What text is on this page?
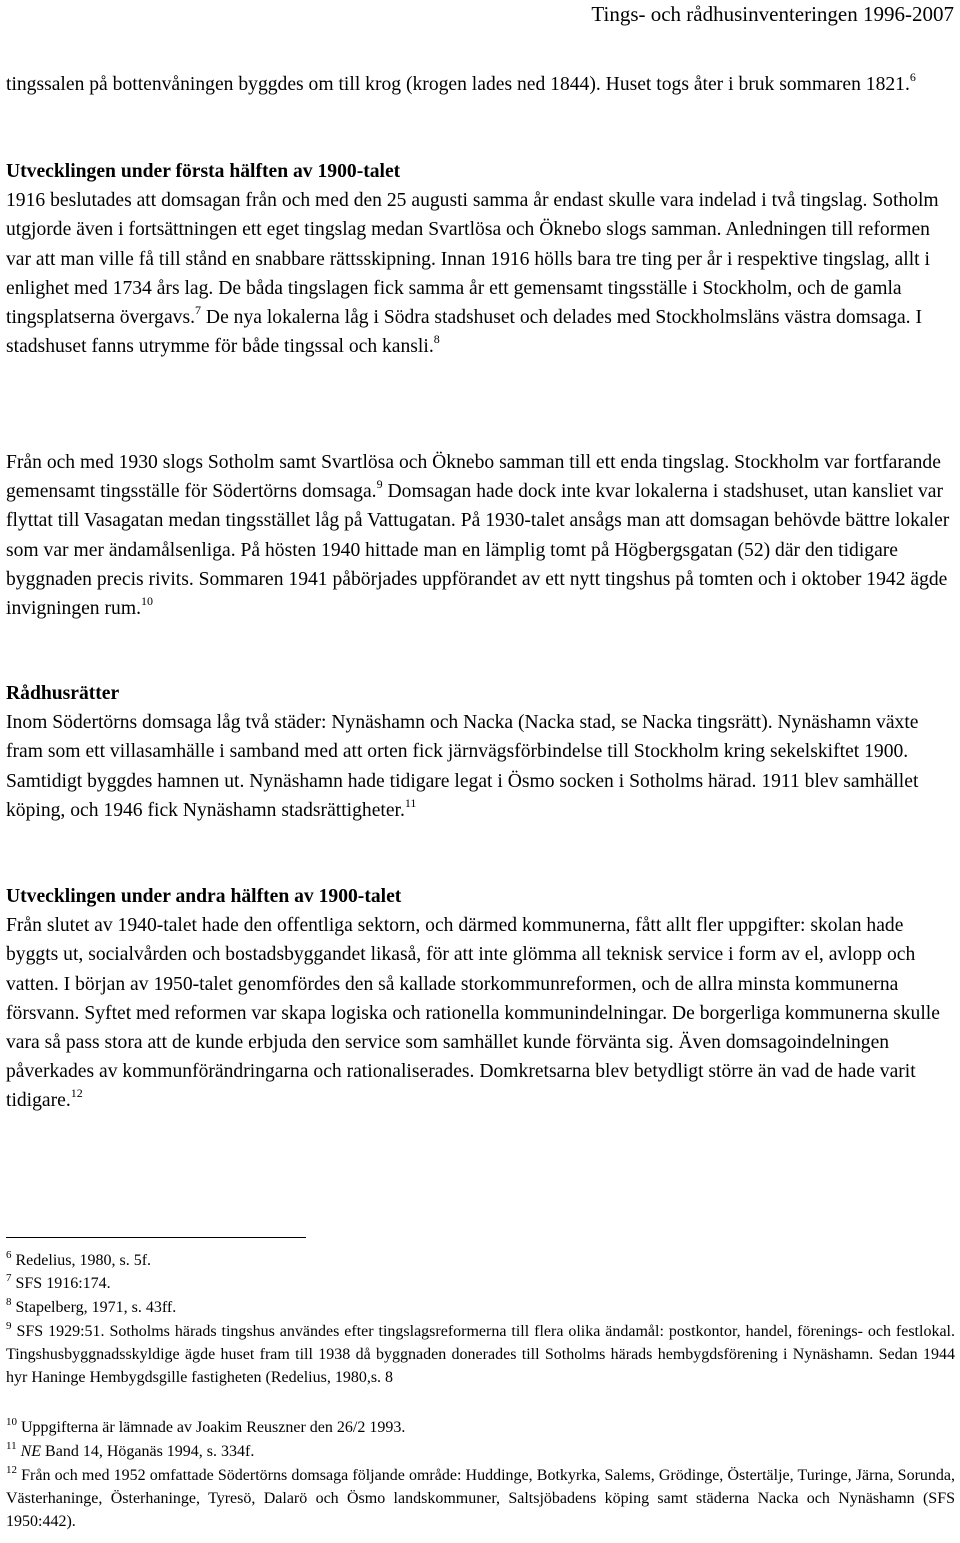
Tings- och rådhusinventeringen 1996-2007

tingssalen på bottenvåningen byggdes om till krog (krogen lades ned 1844). Huset togs åter i bruk sommaren 1821.$^6$

Utvecklingen under första hälften av 1900-talet
1916 beslutades att domsagan från och med den 25 augusti samma år endast skulle vara indelad i två tingslag. Sotholm utgjorde även i fortsättningen ett eget tingslag medan Svartlösa och Öknebo slogs samman. Anledningen till reformen var att man ville få till stånd en snabbare rättsskipning. Innan 1916 hölls bara tre ting per år i respektive tingslag, allt i enlighet med 1734 års lag. De båda tingslagen fick samma år ett gemensamt tingsställe i Stockholm, och de gamla tingsplatserna övergavs.$^7$ De nya lokalerna låg i Södra stadshuset och delades med Stockholmsläns västra domsaga. I stadshuset fanns utrymme för både tingssal och kansli.$^8$

Från och med 1930 slogs Sotholm samt Svartlösa och Öknebo samman till ett enda tingslag. Stockholm var fortfarande gemensamt tingsställe för Södertörns domsaga.$^9$ Domsagan hade dock inte kvar lokalerna i stadshuset, utan kansliet var flyttat till Vasagatan medan tingsstället låg på Vattugatan. På 1930-talet ansågs man att domsagan behövde bättre lokaler som var mer ändamålsenliga. På hösten 1940 hittade man en lämplig tomt på Högbergsgatan (52) där den tidigare byggnaden precis rivits. Sommaren 1941 påbörjades uppförandet av ett nytt tingshus på tomten och i oktober 1942 ägde invigningen rum.$^{10}$

Rådhusrätter
Inom Södertörns domsaga låg två städer: Nynäshamn och Nacka (Nacka stad, se Nacka tingsrätt). Nynäshamn växte fram som ett villasamhälle i samband med att orten fick järnvägsförbindelse till Stockholm kring sekelskiftet 1900. Samtidigt byggdes hamnen ut. Nynäshamn hade tidigare legat i Ösmo socken i Sotholms härad. 1911 blev samhället köping, och 1946 fick Nynäshamn stadsrättigheter.$^{11}$

Utvecklingen under andra hälften av 1900-talet
Från slutet av 1940-talet hade den offentliga sektorn, och därmed kommunerna, fått allt fler uppgifter: skolan hade byggts ut, socialvården och bostadsbyggandet likaså, för att inte glömma all teknisk service i form av el, avlopp och vatten. I början av 1950-talet genomfördes den så kallade storkommunreformen, och de allra minsta kommunerna försvann. Syftet med reformen var skapa logiska och rationella kommunindelningar. De borgerliga kommunerna skulle vara så pass stora att de kunde erbjuda den service som samhället kunde förvänta sig. Även domsagoindelningen påverkades av kommunförändringarna och rationaliserades. Domkretsarna blev betydligt större än vad de hade varit tidigare.$^{12}$

$^6$ Redelius, 1980, s. 5f.

$^7$ SFS 1916:174.

$^8$ Stapelberg, 1971, s. 43ff.

$^9$ SFS 1929:51. Sotholms härads tingshus användes efter tingslagsreformerna till flera olika ändamål: postkontor, handel, förenings- och festlokal. Tingshusbyggnadsskyldige ägde huset fram till 1938 då byggnaden donerades till Sotholms härads hembygdsförening i Nynäshamn. Sedan 1944 hyr Haninge Hembygdsgille fastigheten (Redelius, 1980,s. 8

$^{10}$ Uppgifterna är lämnade av Joakim Reuszner den 26/2 1993.

$^{11}$ NE Band 14, Höganäs 1994, s. 334f.

$^{12}$ Från och med 1952 omfattade Södertörns domsaga följande område: Huddinge, Botkyrka, Salems, Grödinge, Östertälje, Turinge, Järna, Sorunda, Västerhaninge, Österhaninge, Tyresö, Dalarö och Ösmo landskommuner, Saltsjöbadens köping samt städerna Nacka och Nynäshamn (SFS 1950:442).
